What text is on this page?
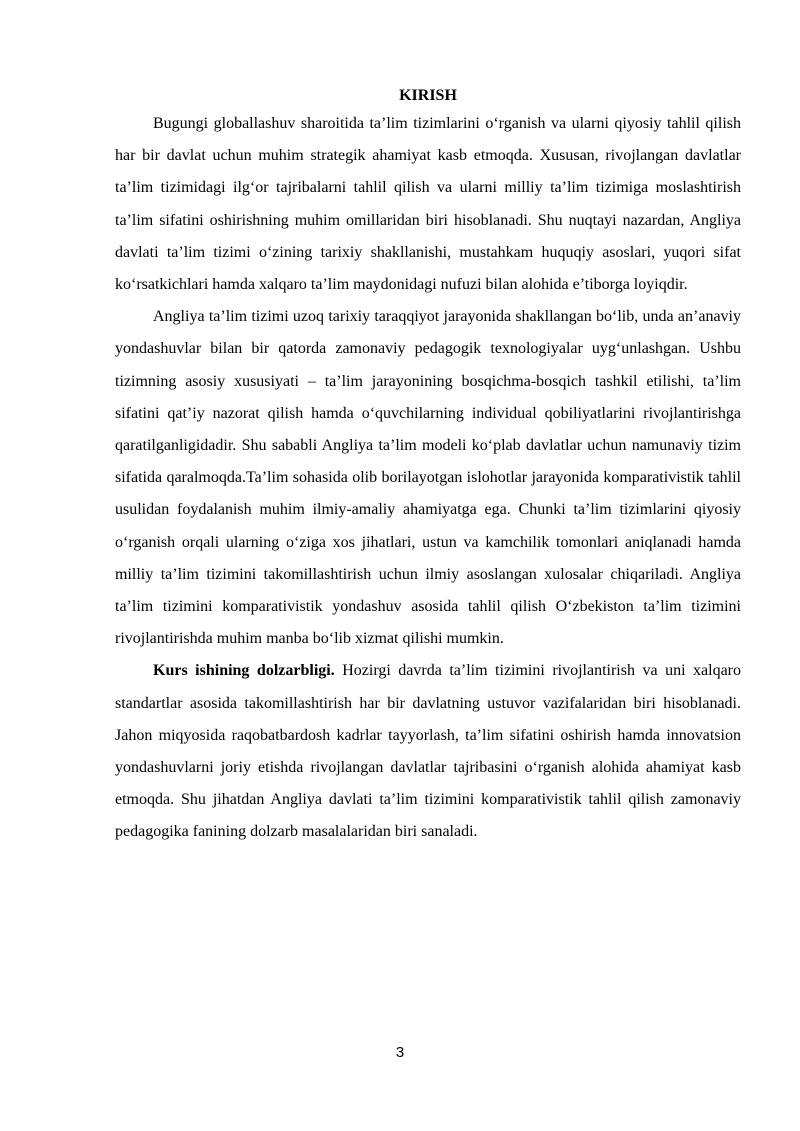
KIRISH

Bugungi globallashuv sharoitida ta’lim tizimlarini o‘rganish va ularni qiyosiy tahlil qilish har bir davlat uchun muhim strategik ahamiyat kasb etmoqda. Xususan, rivojlangan davlatlar ta’lim tizimidagi ilg‘or tajribalarni tahlil qilish va ularni milliy ta’lim tizimiga moslashtirish ta’lim sifatini oshirishning muhim omillaridan biri hisoblanadi. Shu nuqtayi nazardan, Angliya davlati ta’lim tizimi o‘zining tarixiy shakllanishi, mustahkam huquqiy asoslari, yuqori sifat ko‘rsatkichlari hamda xalqaro ta’lim maydonidagi nufuzi bilan alohida e’tiborga loyiqdir.

Angliya ta’lim tizimi uzoq tarixiy taraqqiyot jarayonida shakllangan bo‘lib, unda an’anaviy yondashuvlar bilan bir qatorda zamonaviy pedagogik texnologiyalar uyg‘unlashgan. Ushbu tizimning asosiy xususiyati – ta’lim jarayonining bosqichma-bosqich tashkil etilishi, ta’lim sifatini qat’iy nazorat qilish hamda o‘quvchilarning individual qobiliyatlarini rivojlantirishga qaratilganligidadir. Shu sababli Angliya ta’lim modeli ko‘plab davlatlar uchun namunaviy tizim sifatida qaralmoqda.Ta’lim sohasida olib borilayotgan islohotlar jarayonida komparativistik tahlil usulidan foydalanish muhim ilmiy-amaliy ahamiyatga ega. Chunki ta’lim tizimlarini qiyosiy o‘rganish orqali ularning o‘ziga xos jihatlari, ustun va kamchilik tomonlari aniqlanadi hamda milliy ta’lim tizimini takomillashtirish uchun ilmiy asoslangan xulosalar chiqariladi. Angliya ta’lim tizimini komparativistik yondashuv asosida tahlil qilish O‘zbekiston ta’lim tizimini rivojlantirishda muhim manba bo‘lib xizmat qilishi mumkin.

Kurs ishining dolzarbligi. Hozirgi davrda ta’lim tizimini rivojlantirish va uni xalqaro standartlar asosida takomillashtirish har bir davlatning ustuvor vazifalaridan biri hisoblanadi. Jahon miqyosida raqobatbardosh kadrlar tayyorlash, ta’lim sifatini oshirish hamda innovatsion yondashuvlarni joriy etishda rivojlangan davlatlar tajribasini o‘rganish alohida ahamiyat kasb etmoqda. Shu jihatdan Angliya davlati ta’lim tizimini komparativistik tahlil qilish zamonaviy pedagogika fanining dolzarb masalalaridan biri sanaladi.

3
